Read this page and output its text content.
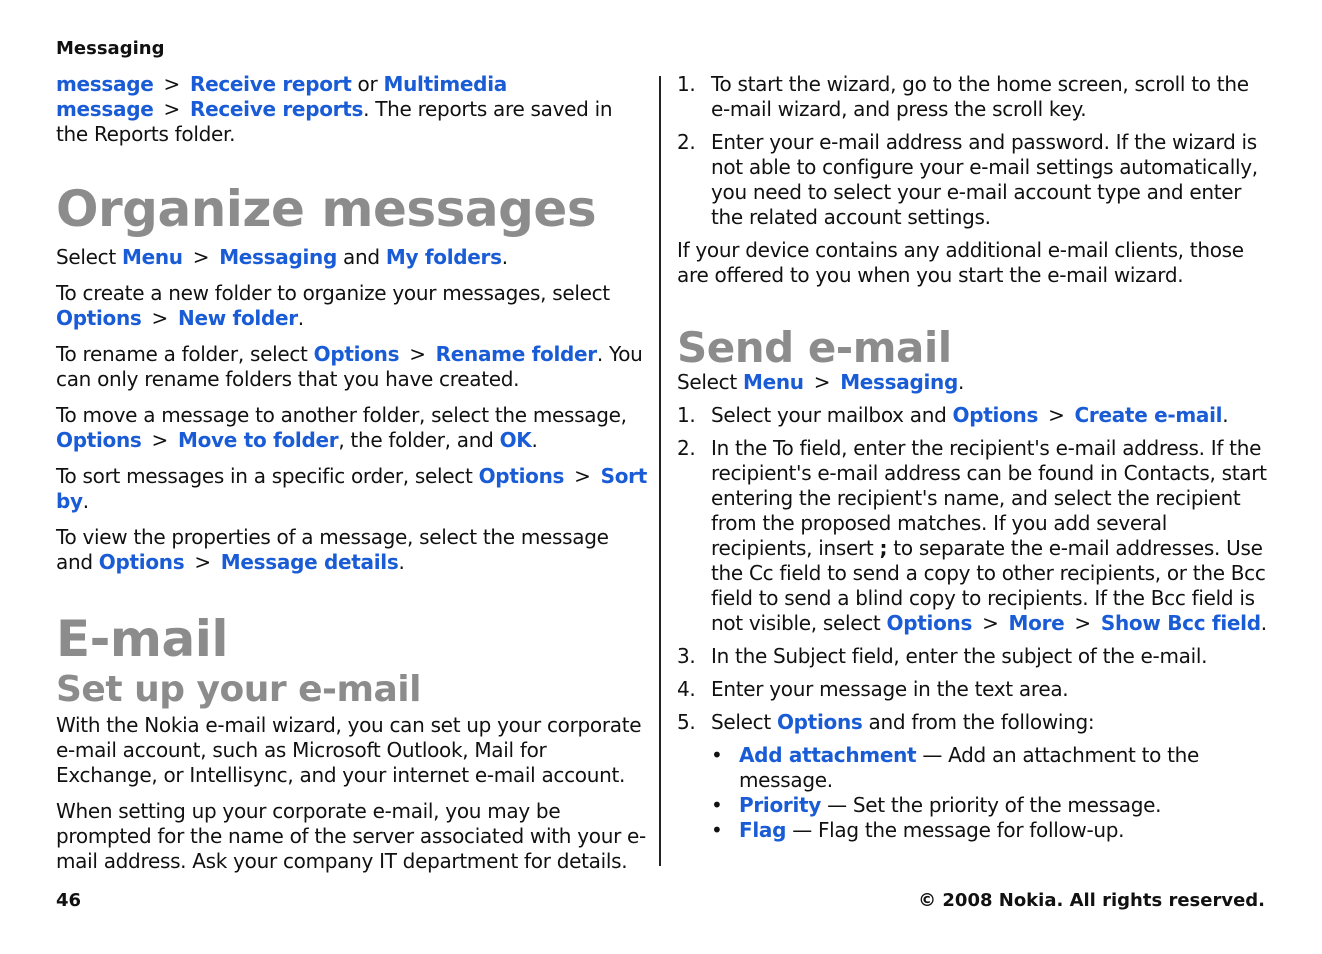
Messaging

message > Receive report or Multimedia message > Receive reports. The reports are saved in the Reports folder.

Organize messages

Select Menu > Messaging and My folders.

To create a new folder to organize your messages, select Options > New folder.

To rename a folder, select Options > Rename folder. You can only rename folders that you have created.

To move a message to another folder, select the message, Options > Move to folder, the folder, and OK.

To sort messages in a specific order, select Options > Sort by.

To view the properties of a message, select the message and Options > Message details.

E-mail
Set up your e-mail

With the Nokia e-mail wizard, you can set up your corporate e-mail account, such as Microsoft Outlook, Mail for Exchange, or Intellisync, and your internet e-mail account.

When setting up your corporate e-mail, you may be prompted for the name of the server associated with your e-mail address. Ask your company IT department for details.

1. To start the wizard, go to the home screen, scroll to the e-mail wizard, and press the scroll key.
2. Enter your e-mail address and password. If the wizard is not able to configure your e-mail settings automatically, you need to select your e-mail account type and enter the related account settings.

If your device contains any additional e-mail clients, those are offered to you when you start the e-mail wizard.

Send e-mail

Select Menu > Messaging.

1. Select your mailbox and Options > Create e-mail.
2. In the To field, enter the recipient's e-mail address. If the recipient's e-mail address can be found in Contacts, start entering the recipient's name, and select the recipient from the proposed matches. If you add several recipients, insert ; to separate the e-mail addresses. Use the Cc field to send a copy to other recipients, or the Bcc field to send a blind copy to recipients. If the Bcc field is not visible, select Options > More > Show Bcc field.
3. In the Subject field, enter the subject of the e-mail.
4. Enter your message in the text area.
5. Select Options and from the following:
• Add attachment — Add an attachment to the message.
• Priority — Set the priority of the message.
• Flag — Flag the message for follow-up.
46	© 2008 Nokia. All rights reserved.
